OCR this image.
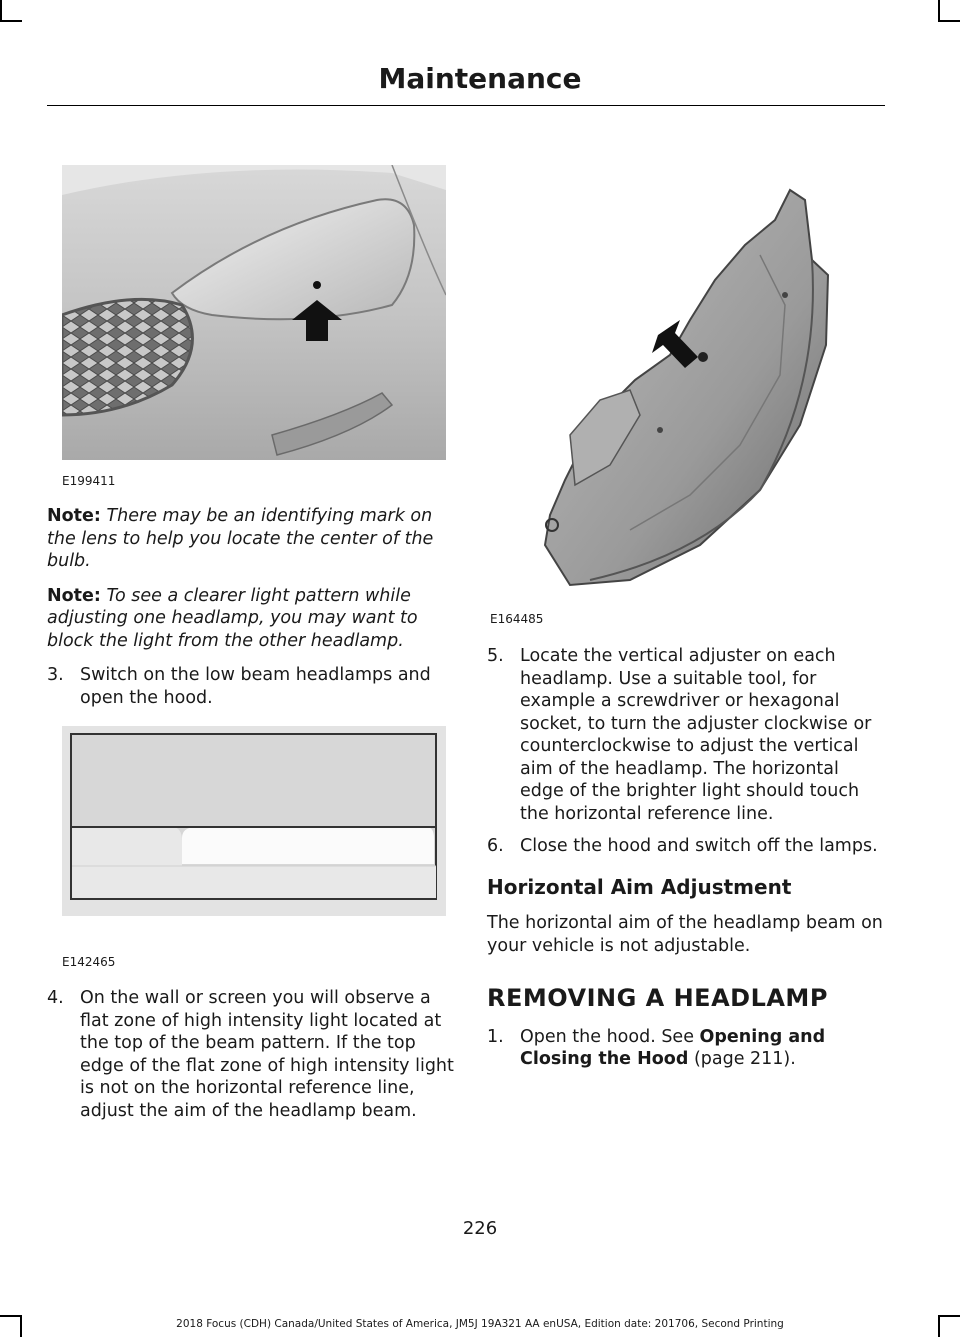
Maintenance
E199411
E142465
E164485

Note: There may be an identifying mark on the lens to help you locate the center of the bulb.

Note: To see a clearer light pattern while adjusting one headlamp, you may want to block the light from the other headlamp.

3. Switch on the low beam headlamps and open the hood.
4. On the wall or screen you will observe a flat zone of high intensity light located at the top of the beam pattern. If the top edge of the flat zone of high intensity light is not on the horizontal reference line, adjust the aim of the headlamp beam.
5. Locate the vertical adjuster on each headlamp. Use a suitable tool, for example a screwdriver or hexagonal socket, to turn the adjuster clockwise or counterclockwise to adjust the vertical aim of the headlamp. The horizontal edge of the brighter light should touch the horizontal reference line.
6. Close the hood and switch off the lamps.
Horizontal Aim Adjustment

The horizontal aim of the headlamp beam on your vehicle is not adjustable.

REMOVING A HEADLAMP
1. Open the hood. See Opening and Closing the Hood (page 211).
226
2018 Focus (CDH) Canada/United States of America, JM5J 19A321 AA enUSA, Edition date: 201706, Second Printing
